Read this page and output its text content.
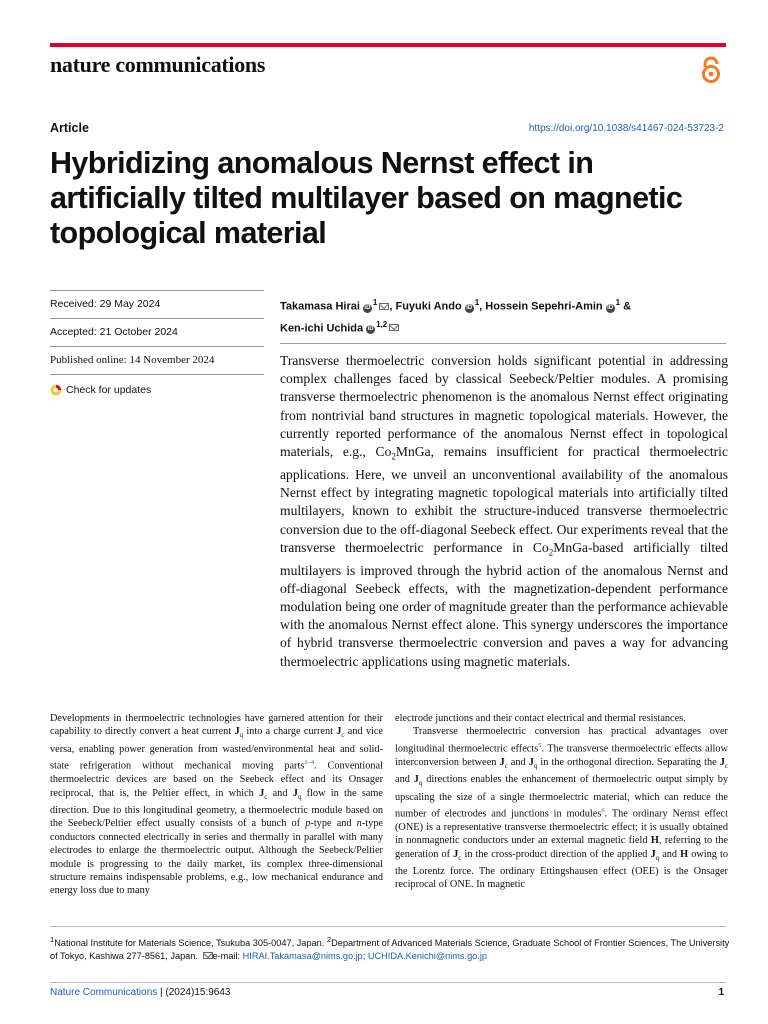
nature communications
Article	https://doi.org/10.1038/s41467-024-53723-2
Hybridizing anomalous Nernst effect in artificially tilted multilayer based on magnetic topological material
Received: 29 May 2024
Accepted: 21 October 2024
Published online: 14 November 2024
Check for updates
Takamasa Hirai $iD^1$ , Fuyuki Ando $iD^1$, Hossein Sepehri-Amin $iD^1$ &
Ken-ichi Uchida iD$^{1,2}$
Transverse thermoelectric conversion holds significant potential in addressing complex challenges faced by classical Seebeck/Peltier modules. A promising transverse thermoelectric phenomenon is the anomalous Nernst effect originating from nontrivial band structures in magnetic topological materials. However, the currently reported performance of the anomalous Nernst effect in topological materials, e.g., $Co_2MnGa$, remains insufficient for practical thermoelectric applications. Here, we unveil an unconventional availability of the anomalous Nernst effect by integrating magnetic topological materials into artificially tilted multilayers, known to exhibit the structure-induced transverse thermoelectric conversion due to the off-diagonal Seebeck effect. Our experiments reveal that the transverse thermoelectric performance in $Co_2MnGa$-based artificially tilted multilayers is improved through the hybrid action of the anomalous Nernst and off-diagonal Seebeck effects, with the magnetization-dependent performance modulation being one order of magnitude greater than the performance achievable with the anomalous Nernst effect alone. This synergy underscores the importance of hybrid transverse thermoelectric conversion and paves a way for advancing thermoelectric applications using magnetic materials.

Developments in thermoelectric technologies have garnered attention for their capability to directly convert a heat current $J_q$ into a charge current $J_c$ and vice versa, enabling power generation from wasted/environmental heat and solid-state refrigeration without mechanical moving parts$^{1-4}$. Conventional thermoelectric devices are based on the Seebeck effect and its Onsager reciprocal, that is, the Peltier effect, in which $J_c$ and $J_q$ flow in the same direction. Due to this longitudinal geometry, a thermoelectric module based on the Seebeck/Peltier effect usually consists of a bunch of p-type and n-type conductors connected electrically in series and thermally in parallel with many electrodes to enlarge the thermoelectric output. Although the Seebeck/Peltier module is progressing to the daily market, its complex three-dimensional structure remains indispensable problems, e.g., low mechanical endurance and energy loss due to many

electrode junctions and their contact electrical and thermal resistances.

Transverse thermoelectric conversion has practical advantages over longitudinal thermoelectric effects$^5$. The transverse thermoelectric effects allow interconversion between $J_c$ and $J_q$ in the orthogonal direction. Separating the $J_c$ and $J_q$ directions enables the enhancement of thermoelectric output simply by upscaling the size of a single thermoelectric material, which can reduce the number of electrodes and junctions in modules$^6$. The ordinary Nernst effect (ONE) is a representative transverse thermoelectric effect; it is usually obtained in nonmagnetic conductors under an external magnetic field H, referring to the generation of $J_c$ in the cross-product direction of the applied $J_q$ and H owing to the Lorentz force. The ordinary Ettingshausen effect (OEE) is the Onsager reciprocal of ONE. In magnetic

$^1$National Institute for Materials Science, Tsukuba 305-0047, Japan. $^2$Department of Advanced Materials Science, Graduate School of Frontier Sciences, The University of Tokyo, Kashiwa 277-8561, Japan. e-mail: HIRAI.Takamasa@nims.go.jp; UCHIDA.Kenichi@nims.go.jp
Nature Communications | (2024)15:9643	1
